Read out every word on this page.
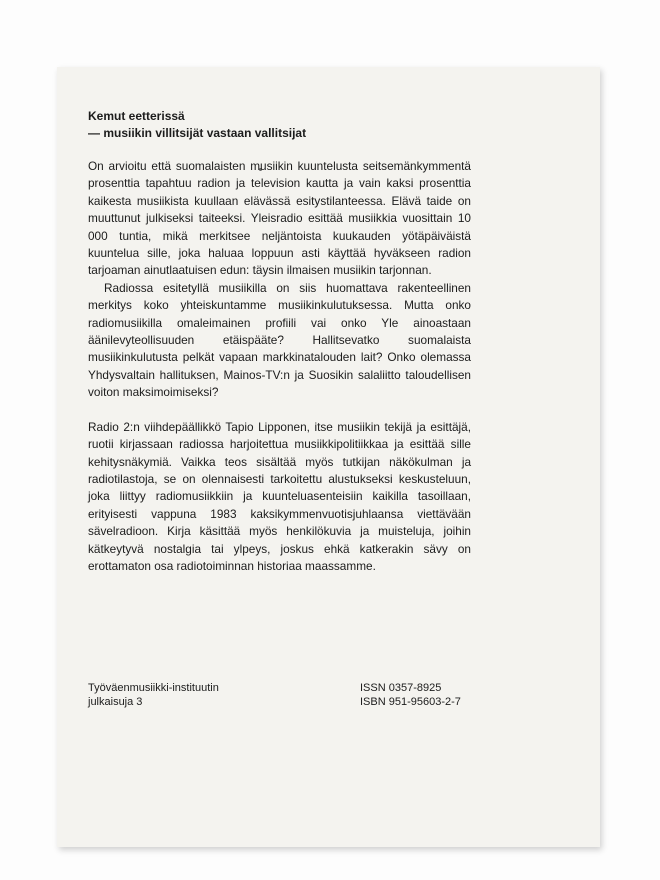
Kemut eetterissä
— musiikin villitsijät vastaan vallitsijat

On arvioitu että suomalaisten musiikin kuuntelusta seitsemänkymmentä prosenttia tapahtuu radion ja television kautta ja vain kaksi prosenttia kaikesta musiikista kuullaan elävässä esitystilanteessa. Elävä taide on muuttunut julkiseksi taiteeksi. Yleisradio esittää musiikkia vuosittain 10 000 tuntia, mikä merkitsee neljäntoista kuukauden yötäpäiväistä kuuntelua sille, joka haluaa loppuun asti käyttää hyväkseen radion tarjoaman ainutlaatuisen edun: täysin ilmaisen musiikin tarjonnan.

Radiossa esitetyllä musiikilla on siis huomattava rakenteellinen merkitys koko yhteiskuntamme musiikinkulutuksessa. Mutta onko radiomusiikilla omaleimainen profiili vai onko Yle ainoastaan äänilevyteollisuuden etäispääte? Hallitsevatko suomalaista musiikinkulutusta pelkät vapaan markkinatalouden lait? Onko olemassa Yhdysvaltain hallituksen, Mainos-TV:n ja Suosikin salaliitto taloudellisen voiton maksimoimiseksi?

Radio 2:n viihdepäällikkö Tapio Lipponen, itse musiikin tekijä ja esittäjä, ruotii kirjassaan radiossa harjoitettua musiikkipolitiikkaa ja esittää sille kehitysnäkymiä. Vaikka teos sisältää myös tutkijan näkökulman ja radiotilastoja, se on olennaisesti tarkoitettu alustukseksi keskusteluun, joka liittyy radiomusiikkiin ja kuunteluasenteisiin kaikilla tasoillaan, erityisesti vappuna 1983 kaksikymmenvuotisjuhlaansa viettävään sävelradioon. Kirja käsittää myös henkilökuvia ja muisteluja, joihin kätkeytyvä nostalgia tai ylpeys, joskus ehkä katkerakin sävy on erottamaton osa radiotoiminnan historiaa maassamme.

Työväenmusiikki-instituutin
julkaisuja 3
ISSN 0357-8925
ISBN 951-95603-2-7
